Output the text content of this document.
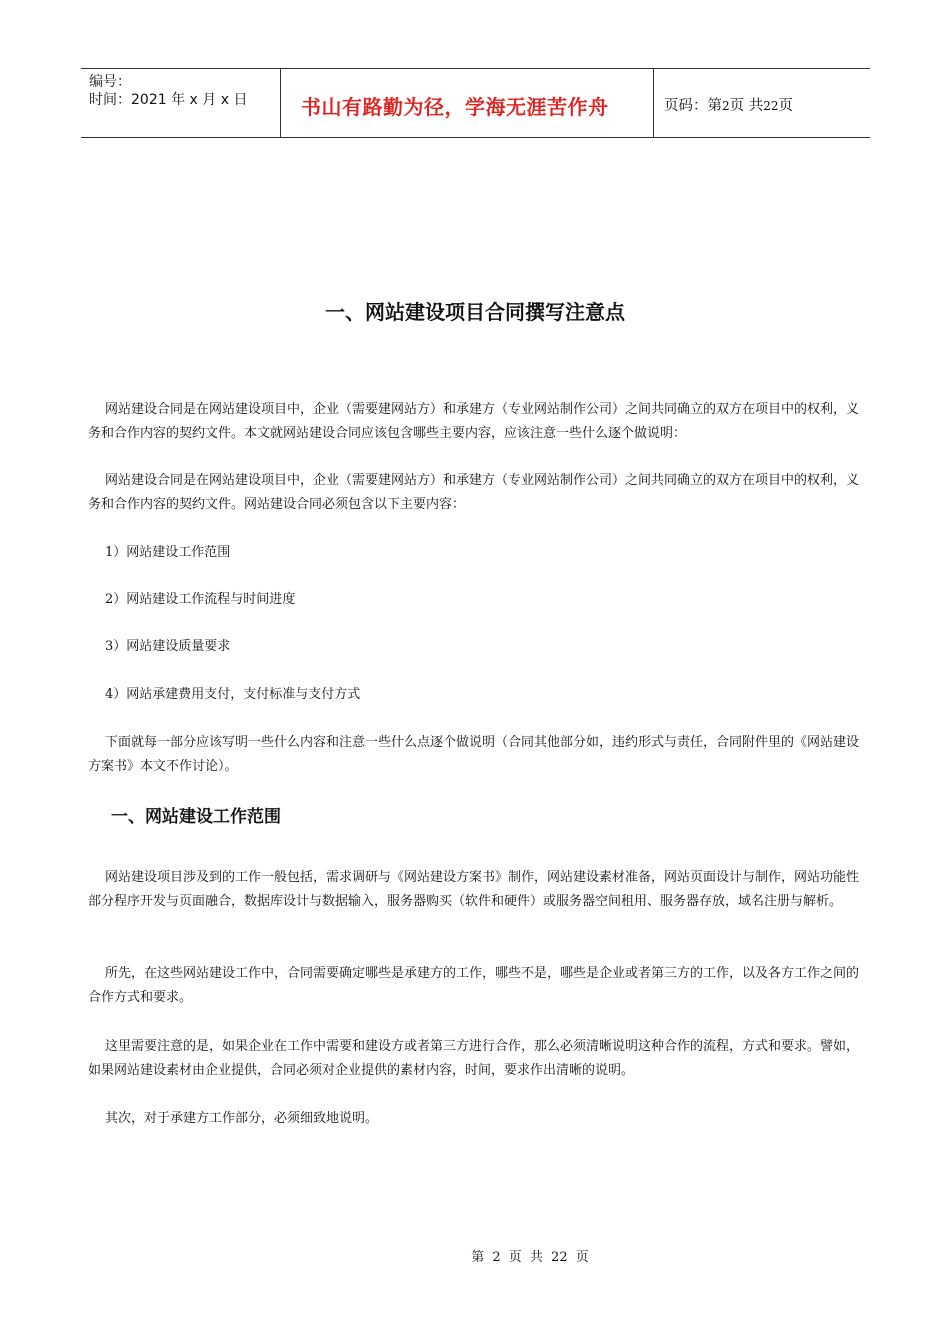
编号：
时间：2021 年 x 月 x 日	书山有路勤为径，学海无涯苦作舟	页码：第2页 共22页
一、网站建设项目合同撰写注意点

网站建设合同是在网站建设项目中，企业（需要建网站方）和承建方（专业网站制作公司）之间共同确立的双方在项目中的权利，义务和合作内容的契约文件。本文就网站建设合同应该包含哪些主要内容，应该注意一些什么逐个做说明：

网站建设合同是在网站建设项目中，企业（需要建网站方）和承建方（专业网站制作公司）之间共同确立的双方在项目中的权利，义务和合作内容的契约文件。网站建设合同必须包含以下主要内容：

1）网站建设工作范围

2）网站建设工作流程与时间进度

3）网站建设质量要求

4）网站承建费用支付，支付标准与支付方式

下面就每一部分应该写明一些什么内容和注意一些什么点逐个做说明（合同其他部分如，违约形式与责任，合同附件里的《网站建设方案书》本文不作讨论）。

一、网站建设工作范围

网站建设项目涉及到的工作一般包括，需求调研与《网站建设方案书》制作，网站建设素材准备，网站页面设计与制作，网站功能性部分程序开发与页面融合，数据库设计与数据输入，服务器购买（软件和硬件）或服务器空间租用、服务器存放，域名注册与解析。

所先，在这些网站建设工作中，合同需要确定哪些是承建方的工作，哪些不是，哪些是企业或者第三方的工作，以及各方工作之间的合作方式和要求。

这里需要注意的是，如果企业在工作中需要和建设方或者第三方进行合作，那么必须清晰说明这种合作的流程，方式和要求。譬如，如果网站建设素材由企业提供，合同必须对企业提供的素材内容，时间，要求作出清晰的说明。

其次，对于承建方工作部分，必须细致地说明。

第 2 页 共 22 页
